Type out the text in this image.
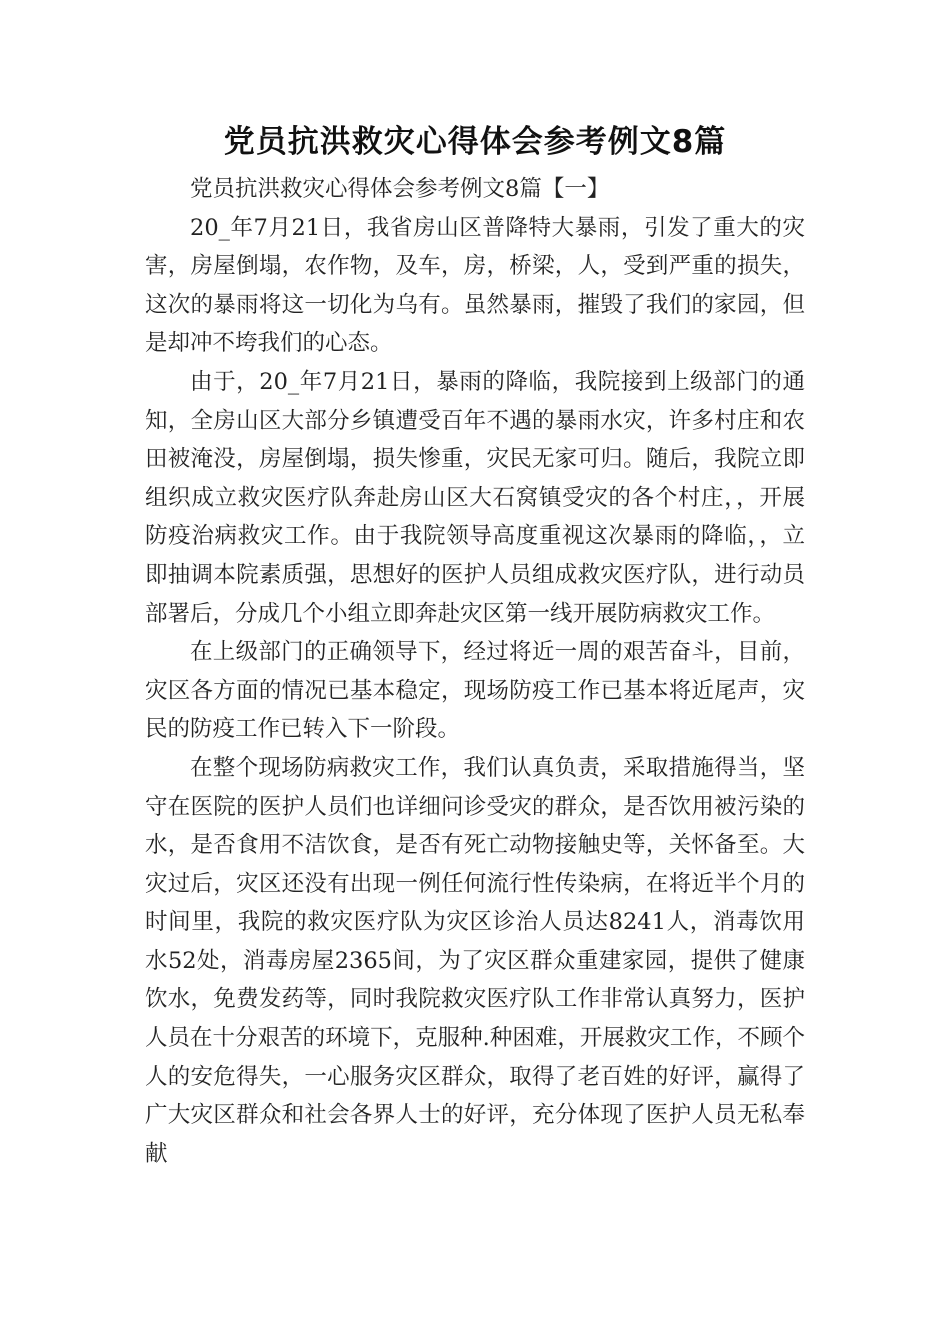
党员抗洪救灾心得体会参考例文8篇

党员抗洪救灾心得体会参考例文8篇【一】

20_年7月21日，我省房山区普降特大暴雨，引发了重大的灾害，房屋倒塌，农作物，及车，房，桥梁，人，受到严重的损失，这次的暴雨将这一切化为乌有。虽然暴雨，摧毁了我们的家园，但是却冲不垮我们的心态。

由于，20_年7月21日，暴雨的降临，我院接到上级部门的通知，全房山区大部分乡镇遭受百年不遇的暴雨水灾，许多村庄和农田被淹没，房屋倒塌，损失惨重，灾民无家可归。随后，我院立即组织成立救灾医疗队奔赴房山区大石窝镇受灾的各个村庄，，开展防疫治病救灾工作。由于我院领导高度重视这次暴雨的降临，，立即抽调本院素质强，思想好的医护人员组成救灾医疗队，进行动员部署后，分成几个小组立即奔赴灾区第一线开展防病救灾工作。

在上级部门的正确领导下，经过将近一周的艰苦奋斗，目前，灾区各方面的情况已基本稳定，现场防疫工作已基本将近尾声，灾民的防疫工作已转入下一阶段。

在整个现场防病救灾工作，我们认真负责，采取措施得当，坚守在医院的医护人员们也详细问诊受灾的群众，是否饮用被污染的水，是否食用不洁饮食，是否有死亡动物接触史等，关怀备至。大灾过后，灾区还没有出现一例任何流行性传染病，在将近半个月的时间里，我院的救灾医疗队为灾区诊治人员达8241人，消毒饮用水52处，消毒房屋2365间，为了灾区群众重建家园，提供了健康饮水，免费发药等，同时我院救灾医疗队工作非常认真努力，医护人员在十分艰苦的环境下，克服种.种困难，开展救灾工作，不顾个人的安危得失，一心服务灾区群众，取得了老百姓的好评，赢得了广大灾区群众和社会各界人士的好评，充分体现了医护人员无私奉献
